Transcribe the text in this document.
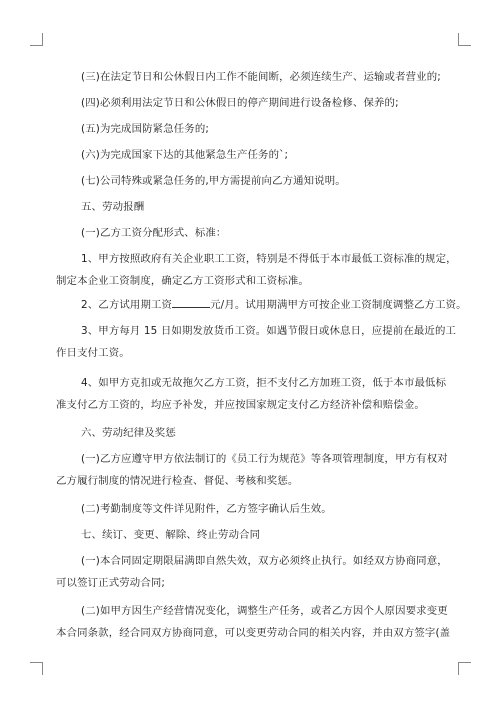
(三)在法定节日和公休假日内工作不能间断，必须连续生产、运输或者营业的;
(四)必须利用法定节日和公休假日的停产期间进行设备检修、保养的;
(五)为完成国防紧急任务的;
(六)为完成国家下达的其他紧急生产任务的`;
(七)公司特殊或紧急任务的,甲方需提前向乙方通知说明。
五、劳动报酬
(一)乙方工资分配形式、标准：
1、甲方按照政府有关企业职工工资，特别是不得低于本市最低工资标准的规定，
制定本企业工资制度，确定乙方工资形式和工资标准。
2、乙方试用期工资	元/月。试用期满甲方可按企业工资制度调整乙方工资。
3、甲方每月 15 日如期发放货币工资。如遇节假日或休息日，应提前在最近的工
作日支付工资。
4、如甲方克扣或无故拖欠乙方工资，拒不支付乙方加班工资，低于本市最低标
准支付乙方工资的，均应予补发，并应按国家规定支付乙方经济补偿和赔偿金。
六、劳动纪律及奖惩
(一)乙方应遵守甲方依法制订的《员工行为规范》等各项管理制度，甲方有权对
乙方履行制度的情况进行检查、督促、考核和奖惩。
(二)考勤制度等文件详见附件，乙方签字确认后生效。
七、续订、变更、解除、终止劳动合同
(一)本合同固定期限届满即自然失效，双方必须终止执行。如经双方协商同意，
可以签订正式劳动合同;
(二)如甲方因生产经营情况变化，调整生产任务，或者乙方因个人原因要求变更
本合同条款，经合同双方协商同意，可以变更劳动合同的相关内容，并由双方签字(盖
